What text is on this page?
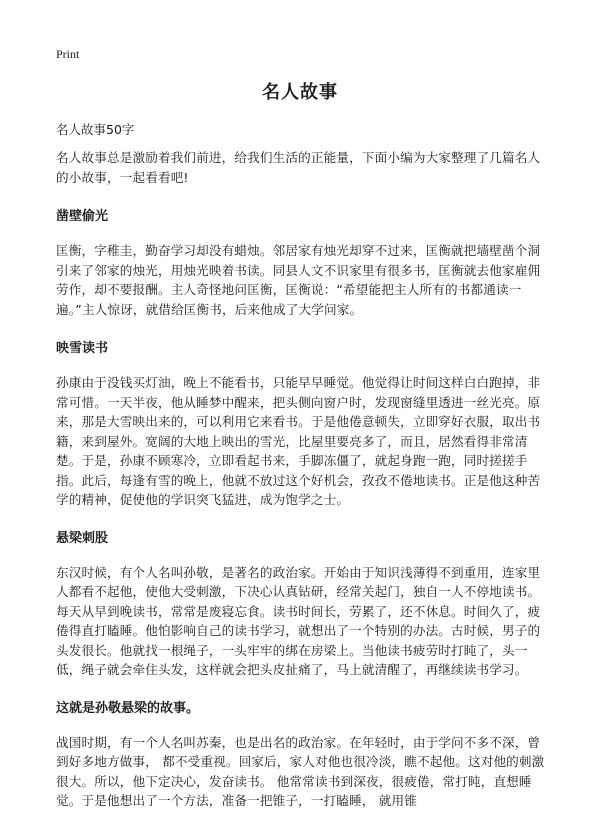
Print
名人故事

名人故事50字

名人故事总是激励着我们前进，给我们生活的正能量，下面小编为大家整理了几篇名人的小故事，一起看看吧!

凿壁偷光

匡衡，字稚圭，勤奋学习却没有蜡烛。邻居家有烛光却穿不过来，匡衡就把墙壁凿个洞引来了邻家的烛光，用烛光映着书读。同县人文不识家里有很多书，匡衡就去他家雇佣劳作，却不要报酬。主人奇怪地问匡衡，匡衡说：“希望能把主人所有的书都通读一遍。”主人惊讶，就借给匡衡书，后来他成了大学问家。

映雪读书

孙康由于没钱买灯油，晚上不能看书，只能早早睡觉。他觉得让时间这样白白跑掉，非常可惜。一天半夜，他从睡梦中醒来，把头侧向窗户时，发现窗缝里透进一丝光亮。原来，那是大雪映出来的，可以利用它来看书。于是他倦意顿失，立即穿好衣服，取出书籍，来到屋外。宽阔的大地上映出的雪光，比屋里要亮多了，而且，居然看得非常清楚。于是，孙康不顾寒冷，立即看起书来，手脚冻僵了，就起身跑一跑，同时搓搓手指。此后，每逢有雪的晚上，他就不放过这个好机会，孜孜不倦地读书。正是他这种苦学的精神，促使他的学识突飞猛进，成为饱学之士。

悬梁刺股

东汉时候，有个人名叫孙敬，是著名的政治家。开始由于知识浅薄得不到重用，连家里人都看不起他，使他大受刺激，下决心认真钻研，经常关起门，独自一人不停地读书。 每天从早到晚读书，常常是废寝忘食。读书时间长，劳累了，还不休息。时间久了，疲倦得直打瞌睡。他怕影响自己的读书学习，就想出了一个特别的办法。古时候，男子的头发很长。他就找一根绳子，一头牢牢的绑在房梁上。当他读书疲劳时打盹了，头一低，绳子就会牵住头发，这样就会把头皮扯痛了，马上就清醒了，再继续读书学习。

这就是孙敬悬梁的故事。

战国时期，有一个人名叫苏秦，也是出名的政治家。在年轻时，由于学问不多不深，曾到好多地方做事， 都不受重视。回家后，家人对他也很冷淡，瞧不起他。这对他的刺激很大。所以，他下定决心，发奋读书。 他常常读书到深夜，很疲倦，常打盹，直想睡觉。于是他想出了一个方法，准备一把锥子，一打瞌睡， 就用锥
